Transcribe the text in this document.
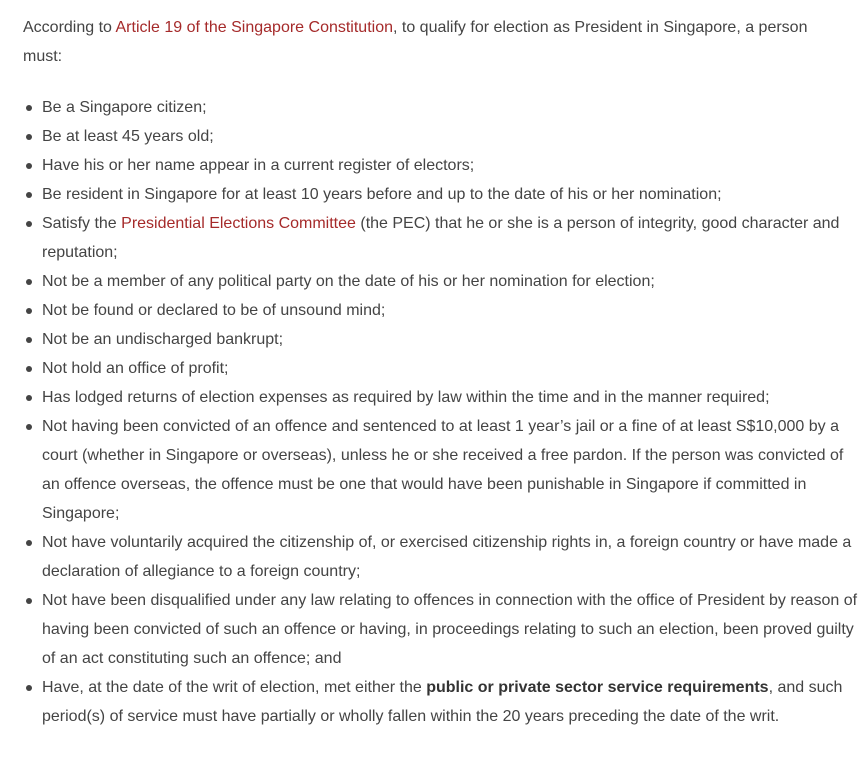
According to Article 19 of the Singapore Constitution, to qualify for election as President in Singapore, a person must:

Be a Singapore citizen;
Be at least 45 years old;
Have his or her name appear in a current register of electors;
Be resident in Singapore for at least 10 years before and up to the date of his or her nomination;
Satisfy the Presidential Elections Committee (the PEC) that he or she is a person of integrity, good character and reputation;
Not be a member of any political party on the date of his or her nomination for election;
Not be found or declared to be of unsound mind;
Not be an undischarged bankrupt;
Not hold an office of profit;
Has lodged returns of election expenses as required by law within the time and in the manner required;
Not having been convicted of an offence and sentenced to at least 1 year’s jail or a fine of at least S$10,000 by a court (whether in Singapore or overseas), unless he or she received a free pardon. If the person was convicted of an offence overseas, the offence must be one that would have been punishable in Singapore if committed in Singapore;
Not have voluntarily acquired the citizenship of, or exercised citizenship rights in, a foreign country or have made a declaration of allegiance to a foreign country;
Not have been disqualified under any law relating to offences in connection with the office of President by reason of having been convicted of such an offence or having, in proceedings relating to such an election, been proved guilty of an act constituting such an offence; and
Have, at the date of the writ of election, met either the public or private sector service requirements, and such period(s) of service must have partially or wholly fallen within the 20 years preceding the date of the writ.
